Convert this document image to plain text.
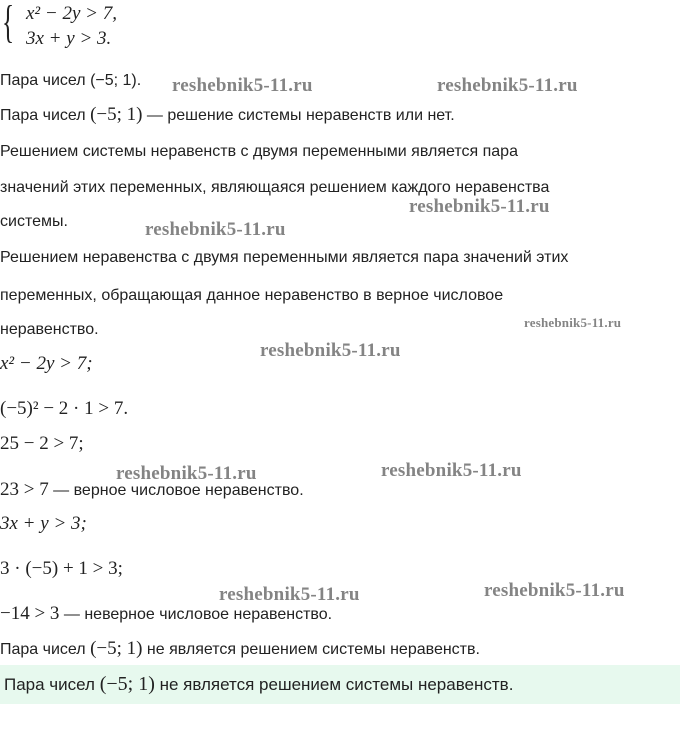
{ x² − 2y > 7,
3x + y > 3.
Пара чисел (−5; 1).
Пара чисел (−5; 1) — решение системы неравенств или нет.
Решением системы неравенств с двумя переменными является пара
значений этих переменных, являющаяся решением каждого неравенства
системы.
Решением неравенства с двумя переменными является пара значений этих
переменных, обращающая данное неравенство в верное числовое
неравенство.
x² − 2y > 7;
(−5)² − 2 · 1 > 7.
25 − 2 > 7;
23 > 7 — верное числовое неравенство.
3x + y > 3;
3 · (−5) + 1 > 3;
−14 > 3 — неверное числовое неравенство.
Пара чисел (−5; 1) не является решением системы неравенств.
Пара чисел (−5; 1) не является решением системы неравенств.
reshebnik5-11.ru	reshebnik5-11.ru
reshebnik5-11.ru
reshebnik5-11.ru
reshebnik5-11.ru
reshebnik5-11.ru
reshebnik5-11.ru	reshebnik5-11.ru
reshebnik5-11.ru	reshebnik5-11.ru
